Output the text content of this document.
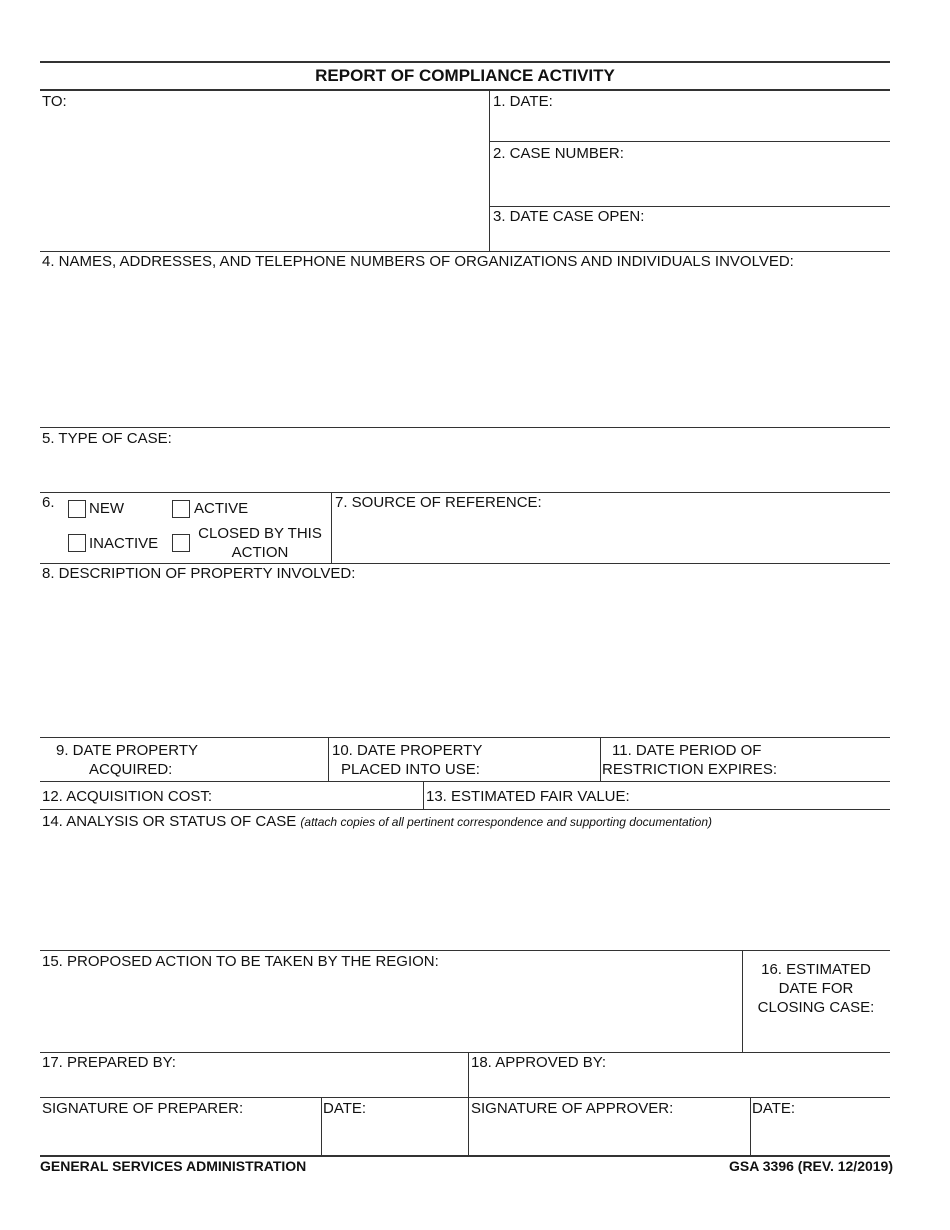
REPORT OF COMPLIANCE ACTIVITY
TO:	1. DATE:
2. CASE NUMBER:
3. DATE CASE OPEN:
4. NAMES, ADDRESSES, AND TELEPHONE NUMBERS OF ORGANIZATIONS AND INDIVIDUALS INVOLVED:
5. TYPE OF CASE:
6. NEW	ACTIVE
INACTIVE
CLOSED BY THIS
ACTION
7. SOURCE OF REFERENCE:
8. DESCRIPTION OF PROPERTY INVOLVED:
9. DATE PROPERTY
ACQUIRED:
10. DATE PROPERTY
PLACED INTO USE:
11. DATE PERIOD OF
RESTRICTION EXPIRES:
12. ACQUISITION COST:	13. ESTIMATED FAIR VALUE:
14. ANALYSIS OR STATUS OF CASE (attach copies of all pertinent correspondence and supporting documentation)
15. PROPOSED ACTION TO BE TAKEN BY THE REGION:	16. ESTIMATED
DATE FOR
CLOSING CASE:
17. PREPARED BY:	18. APPROVED BY:
SIGNATURE OF PREPARER:	DATE:	SIGNATURE OF APPROVER:	DATE:
GENERAL SERVICES ADMINISTRATION	GSA 3396 (REV. 12/2019)
